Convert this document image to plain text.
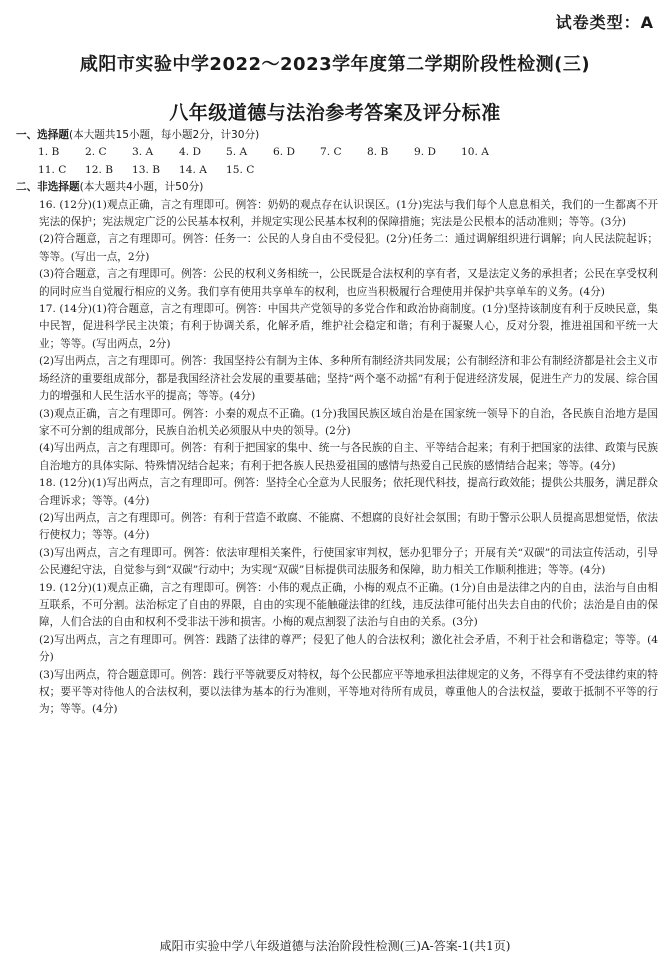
试卷类型：A
咸阳市实验中学2022～2023学年度第二学期阶段性检测(三)
八年级道德与法治参考答案及评分标准

一、选择题(本大题共15小题，每小题2分，计30分)

1. B	2. C	3. A	4. D	5. A	6. D	7. C	8. B	9. D	10. A
11. C	12. B	13. B	14. A	15. C

二、非选择题(本大题共4小题，计50分)

16. (12分)(1)观点正确，言之有理即可。例答：奶奶的观点存在认识误区。(1分)宪法与我们每个人息息相关，我们的一生都离不开宪法的保护；宪法规定广泛的公民基本权利，并规定实现公民基本权利的保障措施；宪法是公民根本的活动准则；等等。(3分)

(2)符合题意，言之有理即可。例答：任务一：公民的人身自由不受侵犯。(2分)任务二：通过调解组织进行调解；向人民法院起诉；等等。(写出一点，2分)

(3)符合题意，言之有理即可。例答：公民的权利义务相统一，公民既是合法权利的享有者，又是法定义务的承担者；公民在享受权利的同时应当自觉履行相应的义务。我们享有使用共享单车的权利，也应当积极履行合理使用并保护共享单车的义务。(4分)

17. (14分)(1)符合题意，言之有理即可。例答：中国共产党领导的多党合作和政治协商制度。(1分)坚持该制度有利于反映民意，集中民智，促进科学民主决策；有利于协调关系，化解矛盾，维护社会稳定和谐；有利于凝聚人心，反对分裂，推进祖国和平统一大业；等等。(写出两点，2分)

(2)写出两点，言之有理即可。例答：我国坚持公有制为主体、多种所有制经济共同发展；公有制经济和非公有制经济都是社会主义市场经济的重要组成部分，都是我国经济社会发展的重要基础；坚持“两个毫不动摇”有利于促进经济发展，促进生产力的发展、综合国力的增强和人民生活水平的提高；等等。(4分)

(3)观点正确，言之有理即可。例答：小秦的观点不正确。(1分)我国民族区域自治是在国家统一领导下的自治，各民族自治地方是国家不可分割的组成部分，民族自治机关必须服从中央的领导。(2分)

(4)写出两点，言之有理即可。例答：有利于把国家的集中、统一与各民族的自主、平等结合起来；有利于把国家的法律、政策与民族自治地方的具体实际、特殊情况结合起来；有利于把各族人民热爱祖国的感情与热爱自己民族的感情结合起来；等等。(4分)

18. (12分)(1)写出两点，言之有理即可。例答：坚持全心全意为人民服务；依托现代科技，提高行政效能；提供公共服务，满足群众合理诉求；等等。(4分)

(2)写出两点，言之有理即可。例答：有利于营造不敢腐、不能腐、不想腐的良好社会氛围；有助于警示公职人员提高思想觉悟，依法行使权力；等等。(4分)

(3)写出两点，言之有理即可。例答：依法审理相关案件，行使国家审判权，惩办犯罪分子；开展有关“双碳”的司法宣传活动，引导公民遵纪守法，自觉参与到“双碳”行动中；为实现“双碳”目标提供司法服务和保障，助力相关工作顺利推进；等等。(4分)

19. (12分)(1)观点正确，言之有理即可。例答：小伟的观点正确，小梅的观点不正确。(1分)自由是法律之内的自由，法治与自由相互联系，不可分割。法治标定了自由的界限，自由的实现不能触碰法律的红线，违反法律可能付出失去自由的代价；法治是自由的保障，人们合法的自由和权利不受非法干涉和损害。小梅的观点割裂了法治与自由的关系。(3分)

(2)写出两点，言之有理即可。例答：践踏了法律的尊严；侵犯了他人的合法权利；激化社会矛盾，不利于社会和谐稳定；等等。(4分)

(3)写出两点，符合题意即可。例答：践行平等就要反对特权，每个公民都应平等地承担法律规定的义务，不得享有不受法律约束的特权；要平等对待他人的合法权利，要以法律为基本的行为准则，平等地对待所有成员，尊重他人的合法权益，要敢于抵制不平等的行为；等等。(4分)

咸阳市实验中学八年级道德与法治阶段性检测(三)A-答案-1(共1页)
